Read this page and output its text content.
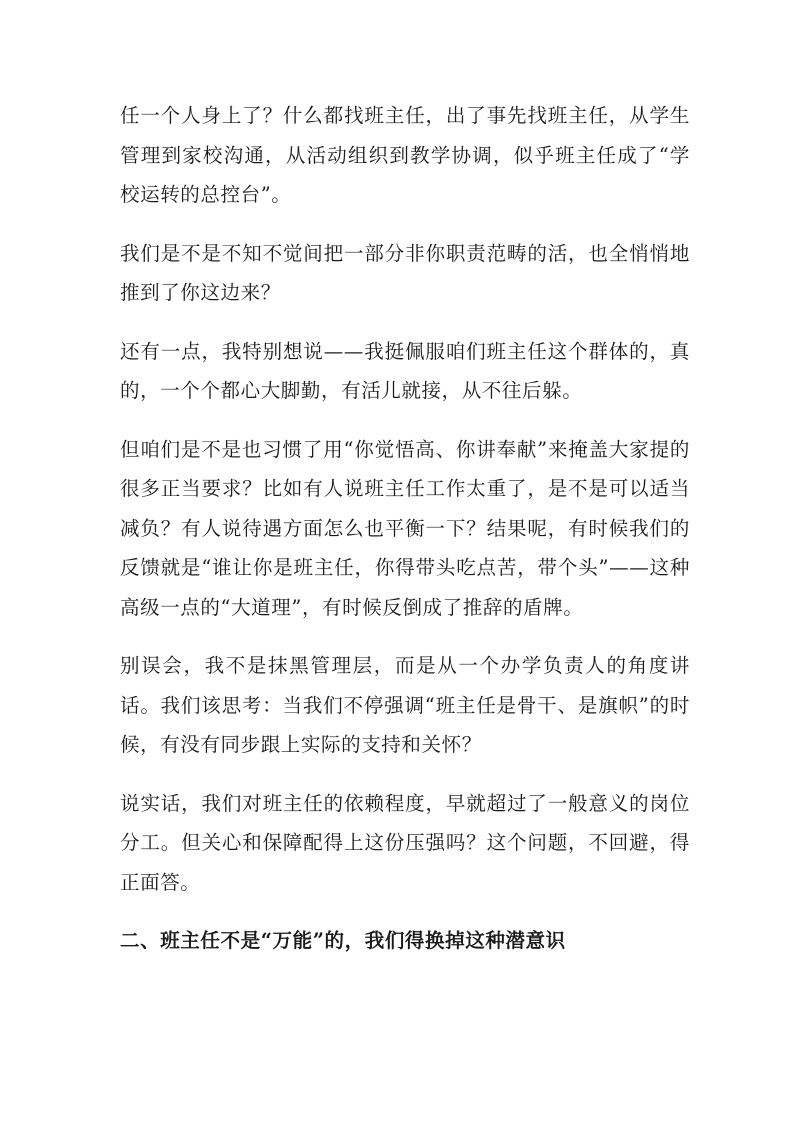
任一个人身上了？什么都找班主任，出了事先找班主任，从学生管理到家校沟通，从活动组织到教学协调，似乎班主任成了“学校运转的总控台”。

我们是不是不知不觉间把一部分非你职责范畴的活，也全悄悄地推到了你这边来？

还有一点，我特别想说——我挺佩服咱们班主任这个群体的，真的，一个个都心大脚勤，有活儿就接，从不往后躲。

但咱们是不是也习惯了用“你觉悟高、你讲奉献”来掩盖大家提的很多正当要求？比如有人说班主任工作太重了，是不是可以适当减负？有人说待遇方面怎么也平衡一下？结果呢，有时候我们的反馈就是“谁让你是班主任，你得带头吃点苦，带个头”——这种高级一点的“大道理”，有时候反倒成了推辞的盾牌。

别误会，我不是抹黑管理层，而是从一个办学负责人的角度讲话。我们该思考：当我们不停强调“班主任是骨干、是旗帜”的时候，有没有同步跟上实际的支持和关怀？

说实话，我们对班主任的依赖程度，早就超过了一般意义的岗位分工。但关心和保障配得上这份压强吗？这个问题，不回避，得正面答。

二、班主任不是“万能”的，我们得换掉这种潜意识
